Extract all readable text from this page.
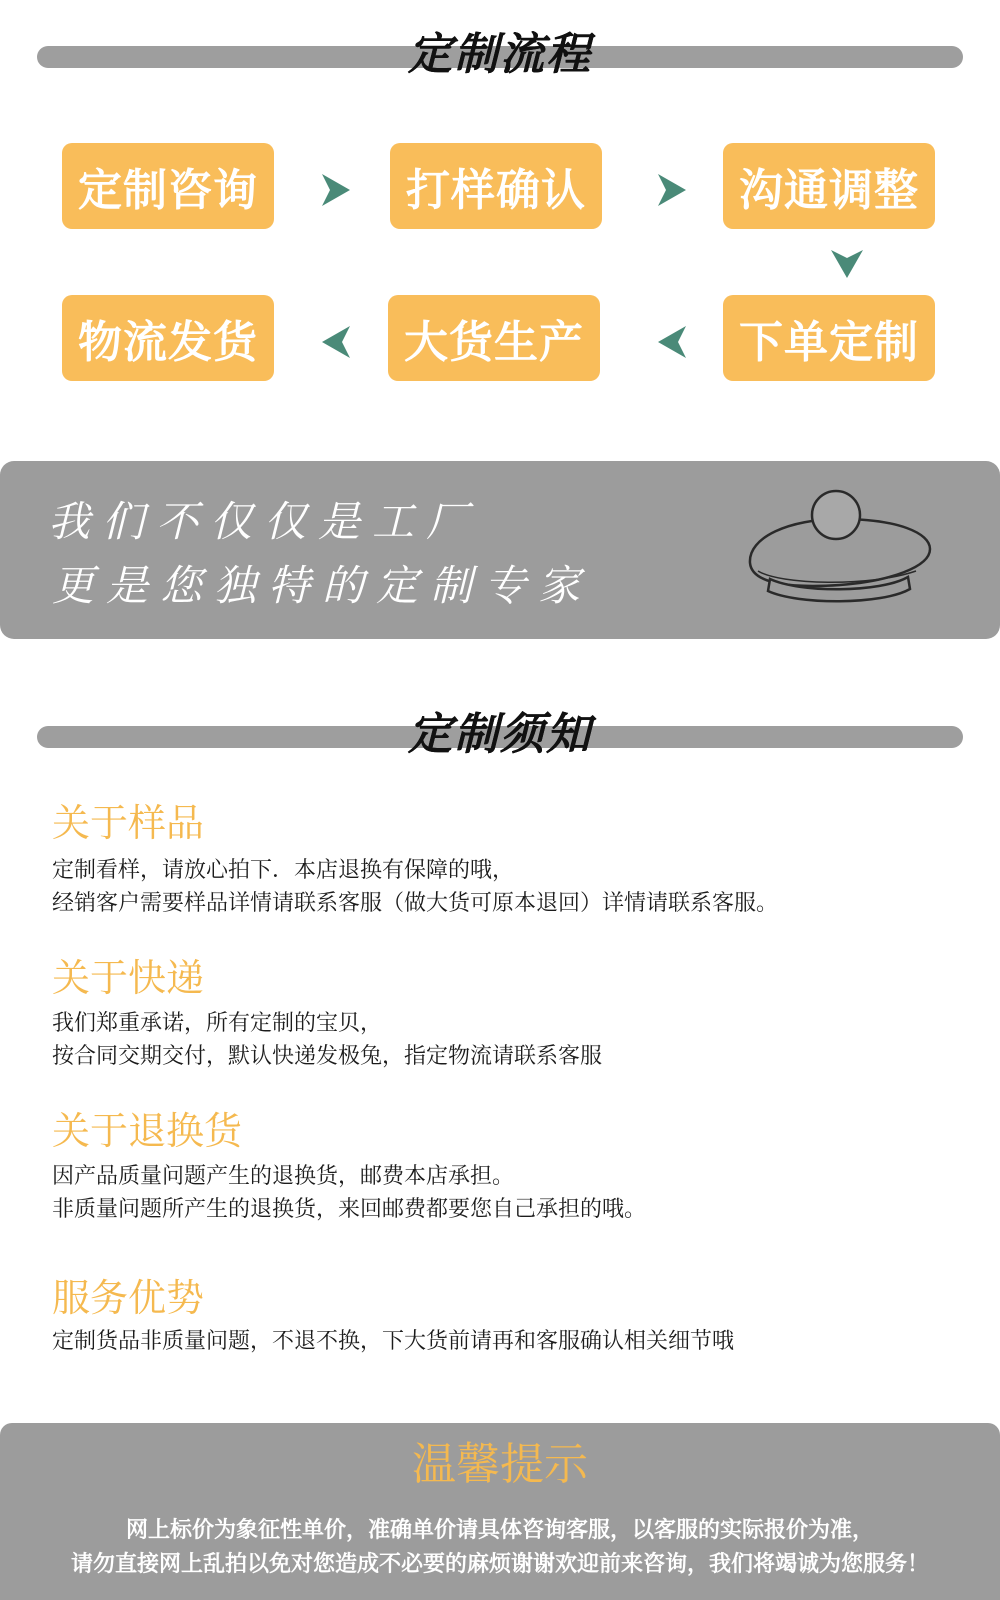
定制流程
定制咨询	打样确认	沟通调整
物流发货	大货生产	下单定制
我们不仅仅是工厂
更是您独特的定制专家
定制须知
关于样品
定制看样，请放心拍下．本店退换有保障的哦，
经销客户需要样品详情请联系客服（做大货可原本退回）详情请联系客服。
关于快递
我们郑重承诺，所有定制的宝贝，
按合同交期交付，默认快递发极兔，指定物流请联系客服
关于退换货
因产品质量问题产生的退换货，邮费本店承担。
非质量问题所产生的退换货，来回邮费都要您自己承担的哦。
服务优势
定制货品非质量问题，不退不换，下大货前请再和客服确认相关细节哦
温馨提示
网上标价为象征性单价，准确单价请具体咨询客服，以客服的实际报价为准，
请勿直接网上乱拍以免对您造成不必要的麻烦谢谢欢迎前来咨询，我们将竭诚为您服务！
